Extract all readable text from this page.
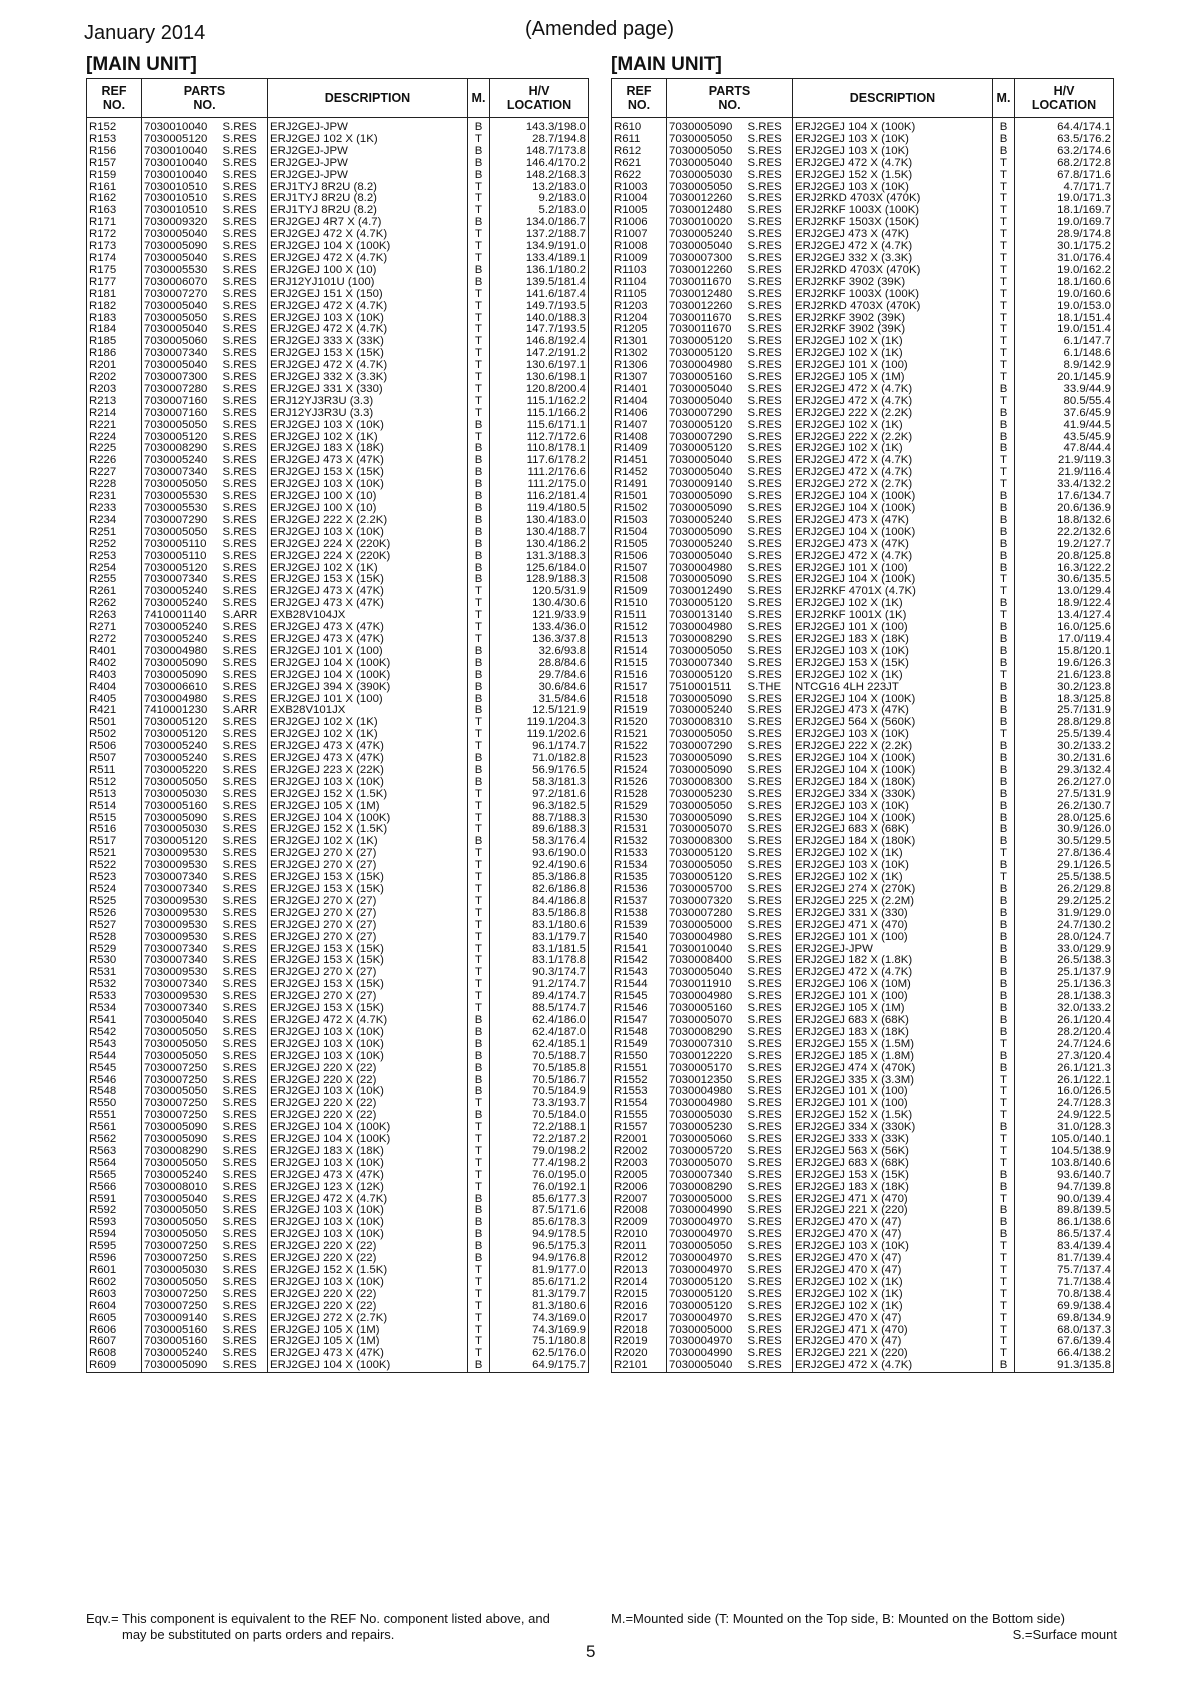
January 2014	(Amended page)
[MAIN UNIT]	[MAIN UNIT]
REF
NO.	PARTS
NO.		DESCRIPTION	M.	H/V
LOCATION
R152	7030010040	S.RES	ERJ2GEJ-JPW	B	143.3/198.0
R153	7030005120	S.RES	ERJ2GEJ 102 X (1K)	T	28.7/194.8
R156	7030010040	S.RES	ERJ2GEJ-JPW	B	148.7/173.8
R157	7030010040	S.RES	ERJ2GEJ-JPW	B	146.4/170.2
R159	7030010040	S.RES	ERJ2GEJ-JPW	B	148.2/168.3
R161	7030010510	S.RES	ERJ1TYJ 8R2U (8.2)	T	13.2/183.0
R162	7030010510	S.RES	ERJ1TYJ 8R2U (8.2)	T	9.2/183.0
R163	7030010510	S.RES	ERJ1TYJ 8R2U (8.2)	T	5.2/183.0
R171	7030009320	S.RES	ERJ2GEJ 4R7 X (4.7)	B	134.0/186.7
R172	7030005040	S.RES	ERJ2GEJ 472 X (4.7K)	T	137.2/188.7
R173	7030005090	S.RES	ERJ2GEJ 104 X (100K)	T	134.9/191.0
R174	7030005040	S.RES	ERJ2GEJ 472 X (4.7K)	T	133.4/189.1
R175	7030005530	S.RES	ERJ2GEJ 100 X (10)	B	136.1/180.2
R177	7030006070	S.RES	ERJ12YJ101U (100)	B	139.5/181.4
R181	7030007270	S.RES	ERJ2GEJ 151 X (150)	T	141.6/187.4
R182	7030005040	S.RES	ERJ2GEJ 472 X (4.7K)	T	149.7/193.5
R183	7030005050	S.RES	ERJ2GEJ 103 X (10K)	T	140.0/188.3
R184	7030005040	S.RES	ERJ2GEJ 472 X (4.7K)	T	147.7/193.5
R185	7030005060	S.RES	ERJ2GEJ 333 X (33K)	T	146.8/192.4
R186	7030007340	S.RES	ERJ2GEJ 153 X (15K)	T	147.2/191.2
R201	7030005040	S.RES	ERJ2GEJ 472 X (4.7K)	T	130.6/197.1
R202	7030007300	S.RES	ERJ2GEJ 332 X (3.3K)	T	130.6/198.1
R203	7030007280	S.RES	ERJ2GEJ 331 X (330)	T	120.8/200.4
R213	7030007160	S.RES	ERJ12YJ3R3U (3.3)	T	115.1/162.2
R214	7030007160	S.RES	ERJ12YJ3R3U (3.3)	T	115.1/166.2
R221	7030005050	S.RES	ERJ2GEJ 103 X (10K)	B	115.6/171.1
R224	7030005120	S.RES	ERJ2GEJ 102 X (1K)	T	112.7/172.6
R225	7030008290	S.RES	ERJ2GEJ 183 X (18K)	B	110.8/178.1
R226	7030005240	S.RES	ERJ2GEJ 473 X (47K)	B	117.6/178.2
R227	7030007340	S.RES	ERJ2GEJ 153 X (15K)	B	111.2/176.6
R228	7030005050	S.RES	ERJ2GEJ 103 X (10K)	B	111.2/175.0
R231	7030005530	S.RES	ERJ2GEJ 100 X (10)	B	116.2/181.4
R233	7030005530	S.RES	ERJ2GEJ 100 X (10)	B	119.4/180.5
R234	7030007290	S.RES	ERJ2GEJ 222 X (2.2K)	B	130.4/183.0
R251	7030005050	S.RES	ERJ2GEJ 103 X (10K)	B	130.4/188.7
R252	7030005110	S.RES	ERJ2GEJ 224 X (220K)	B	130.4/186.2
R253	7030005110	S.RES	ERJ2GEJ 224 X (220K)	B	131.3/188.3
R254	7030005120	S.RES	ERJ2GEJ 102 X (1K)	B	125.6/184.0
R255	7030007340	S.RES	ERJ2GEJ 153 X (15K)	B	128.9/188.3
R261	7030005240	S.RES	ERJ2GEJ 473 X (47K)	T	120.5/31.9
R262	7030005240	S.RES	ERJ2GEJ 473 X (47K)	T	130.4/30.6
R263	7410001140	S.ARR	EXB28V104JX	T	121.9/33.9
R271	7030005240	S.RES	ERJ2GEJ 473 X (47K)	T	133.4/36.0
R272	7030005240	S.RES	ERJ2GEJ 473 X (47K)	T	136.3/37.8
R401	7030004980	S.RES	ERJ2GEJ 101 X (100)	B	32.6/93.8
R402	7030005090	S.RES	ERJ2GEJ 104 X (100K)	B	28.8/84.6
R403	7030005090	S.RES	ERJ2GEJ 104 X (100K)	B	29.7/84.6
R404	7030006610	S.RES	ERJ2GEJ 394 X (390K)	B	30.6/84.6
R405	7030004980	S.RES	ERJ2GEJ 101 X (100)	B	31.5/84.6
R421	7410001230	S.ARR	EXB28V101JX	B	12.5/121.9
R501	7030005120	S.RES	ERJ2GEJ 102 X (1K)	T	119.1/204.3
R502	7030005120	S.RES	ERJ2GEJ 102 X (1K)	T	119.1/202.6
R506	7030005240	S.RES	ERJ2GEJ 473 X (47K)	T	96.1/174.7
R507	7030005240	S.RES	ERJ2GEJ 473 X (47K)	B	71.0/182.8
R511	7030005220	S.RES	ERJ2GEJ 223 X (22K)	B	56.9/176.5
R512	7030005050	S.RES	ERJ2GEJ 103 X (10K)	B	58.3/181.3
R513	7030005030	S.RES	ERJ2GEJ 152 X (1.5K)	T	97.2/181.6
R514	7030005160	S.RES	ERJ2GEJ 105 X (1M)	T	96.3/182.5
R515	7030005090	S.RES	ERJ2GEJ 104 X (100K)	T	88.7/188.3
R516	7030005030	S.RES	ERJ2GEJ 152 X (1.5K)	T	89.6/188.3
R517	7030005120	S.RES	ERJ2GEJ 102 X (1K)	B	58.3/176.4
R521	7030009530	S.RES	ERJ2GEJ 270 X (27)	T	93.6/190.0
R522	7030009530	S.RES	ERJ2GEJ 270 X (27)	T	92.4/190.6
R523	7030007340	S.RES	ERJ2GEJ 153 X (15K)	T	85.3/186.8
R524	7030007340	S.RES	ERJ2GEJ 153 X (15K)	T	82.6/186.8
R525	7030009530	S.RES	ERJ2GEJ 270 X (27)	T	84.4/186.8
R526	7030009530	S.RES	ERJ2GEJ 270 X (27)	T	83.5/186.8
R527	7030009530	S.RES	ERJ2GEJ 270 X (27)	T	83.1/180.6
R528	7030009530	S.RES	ERJ2GEJ 270 X (27)	T	83.1/179.7
R529	7030007340	S.RES	ERJ2GEJ 153 X (15K)	T	83.1/181.5
R530	7030007340	S.RES	ERJ2GEJ 153 X (15K)	T	83.1/178.8
R531	7030009530	S.RES	ERJ2GEJ 270 X (27)	T	90.3/174.7
R532	7030007340	S.RES	ERJ2GEJ 153 X (15K)	T	91.2/174.7
R533	7030009530	S.RES	ERJ2GEJ 270 X (27)	T	89.4/174.7
R534	7030007340	S.RES	ERJ2GEJ 153 X (15K)	T	88.5/174.7
R541	7030005040	S.RES	ERJ2GEJ 472 X (4.7K)	B	62.4/186.0
R542	7030005050	S.RES	ERJ2GEJ 103 X (10K)	B	62.4/187.0
R543	7030005050	S.RES	ERJ2GEJ 103 X (10K)	B	62.4/185.1
R544	7030005050	S.RES	ERJ2GEJ 103 X (10K)	B	70.5/188.7
R545	7030007250	S.RES	ERJ2GEJ 220 X (22)	B	70.5/185.8
R546	7030007250	S.RES	ERJ2GEJ 220 X (22)	B	70.5/186.7
R548	7030005050	S.RES	ERJ2GEJ 103 X (10K)	B	70.5/184.9
R550	7030007250	S.RES	ERJ2GEJ 220 X (22)	T	73.3/193.7
R551	7030007250	S.RES	ERJ2GEJ 220 X (22)	B	70.5/184.0
R561	7030005090	S.RES	ERJ2GEJ 104 X (100K)	T	72.2/188.1
R562	7030005090	S.RES	ERJ2GEJ 104 X (100K)	T	72.2/187.2
R563	7030008290	S.RES	ERJ2GEJ 183 X (18K)	T	79.0/198.2
R564	7030005050	S.RES	ERJ2GEJ 103 X (10K)	T	77.4/198.2
R565	7030005240	S.RES	ERJ2GEJ 473 X (47K)	T	76.0/195.0
R566	7030008010	S.RES	ERJ2GEJ 123 X (12K)	T	76.0/192.1
R591	7030005040	S.RES	ERJ2GEJ 472 X (4.7K)	B	85.6/177.3
R592	7030005050	S.RES	ERJ2GEJ 103 X (10K)	B	87.5/171.6
R593	7030005050	S.RES	ERJ2GEJ 103 X (10K)	B	85.6/178.3
R594	7030005050	S.RES	ERJ2GEJ 103 X (10K)	B	94.9/178.5
R595	7030007250	S.RES	ERJ2GEJ 220 X (22)	B	96.5/175.3
R596	7030007250	S.RES	ERJ2GEJ 220 X (22)	B	94.9/176.8
R601	7030005030	S.RES	ERJ2GEJ 152 X (1.5K)	T	81.9/177.0
R602	7030005050	S.RES	ERJ2GEJ 103 X (10K)	T	85.6/171.2
R603	7030007250	S.RES	ERJ2GEJ 220 X (22)	T	81.3/179.7
R604	7030007250	S.RES	ERJ2GEJ 220 X (22)	T	81.3/180.6
R605	7030009140	S.RES	ERJ2GEJ 272 X (2.7K)	T	74.3/169.0
R606	7030005160	S.RES	ERJ2GEJ 105 X (1M)	T	74.3/169.9
R607	7030005160	S.RES	ERJ2GEJ 105 X (1M)	T	75.1/180.8
R608	7030005240	S.RES	ERJ2GEJ 473 X (47K)	T	62.5/176.0
R609	7030005090	S.RES	ERJ2GEJ 104 X (100K)	B	64.9/175.7
REF
NO.	PARTS
NO.		DESCRIPTION	M.	H/V
LOCATION
R610	7030005090	S.RES	ERJ2GEJ 104 X (100K)	B	64.4/174.1
R611	7030005050	S.RES	ERJ2GEJ 103 X (10K)	B	63.5/176.2
R612	7030005050	S.RES	ERJ2GEJ 103 X (10K)	B	63.2/174.6
R621	7030005040	S.RES	ERJ2GEJ 472 X (4.7K)	T	68.2/172.8
R622	7030005030	S.RES	ERJ2GEJ 152 X (1.5K)	T	67.8/171.6
R1003	7030005050	S.RES	ERJ2GEJ 103 X (10K)	T	4.7/171.7
R1004	7030012260	S.RES	ERJ2RKD 4703X (470K)	T	19.0/171.3
R1005	7030012480	S.RES	ERJ2RKF 1003X (100K)	T	18.1/169.7
R1006	7030010020	S.RES	ERJ2RKF 1503X (150K)	T	19.0/169.7
R1007	7030005240	S.RES	ERJ2GEJ 473 X (47K)	T	28.9/174.8
R1008	7030005040	S.RES	ERJ2GEJ 472 X (4.7K)	T	30.1/175.2
R1009	7030007300	S.RES	ERJ2GEJ 332 X (3.3K)	T	31.0/176.4
R1103	7030012260	S.RES	ERJ2RKD 4703X (470K)	T	19.0/162.2
R1104	7030011670	S.RES	ERJ2RKF 3902 (39K)	T	18.1/160.6
R1105	7030012480	S.RES	ERJ2RKF 1003X (100K)	T	19.0/160.6
R1203	7030012260	S.RES	ERJ2RKD 4703X (470K)	T	19.0/153.0
R1204	7030011670	S.RES	ERJ2RKF 3902 (39K)	T	18.1/151.4
R1205	7030011670	S.RES	ERJ2RKF 3902 (39K)	T	19.0/151.4
R1301	7030005120	S.RES	ERJ2GEJ 102 X (1K)	T	6.1/147.7
R1302	7030005120	S.RES	ERJ2GEJ 102 X (1K)	T	6.1/148.6
R1306	7030004980	S.RES	ERJ2GEJ 101 X (100)	T	8.9/142.9
R1307	7030005160	S.RES	ERJ2GEJ 105 X (1M)	T	20.1/145.9
R1401	7030005040	S.RES	ERJ2GEJ 472 X (4.7K)	B	33.9/44.9
R1404	7030005040	S.RES	ERJ2GEJ 472 X (4.7K)	T	80.5/55.4
R1406	7030007290	S.RES	ERJ2GEJ 222 X (2.2K)	B	37.6/45.9
R1407	7030005120	S.RES	ERJ2GEJ 102 X (1K)	B	41.9/44.5
R1408	7030007290	S.RES	ERJ2GEJ 222 X (2.2K)	B	43.5/45.9
R1409	7030005120	S.RES	ERJ2GEJ 102 X (1K)	B	47.8/44.4
R1451	7030005040	S.RES	ERJ2GEJ 472 X (4.7K)	T	21.9/119.3
R1452	7030005040	S.RES	ERJ2GEJ 472 X (4.7K)	T	21.9/116.4
R1491	7030009140	S.RES	ERJ2GEJ 272 X (2.7K)	T	33.4/132.2
R1501	7030005090	S.RES	ERJ2GEJ 104 X (100K)	B	17.6/134.7
R1502	7030005090	S.RES	ERJ2GEJ 104 X (100K)	B	20.6/136.9
R1503	7030005240	S.RES	ERJ2GEJ 473 X (47K)	B	18.8/132.6
R1504	7030005090	S.RES	ERJ2GEJ 104 X (100K)	B	22.2/132.6
R1505	7030005240	S.RES	ERJ2GEJ 473 X (47K)	B	19.2/127.7
R1506	7030005040	S.RES	ERJ2GEJ 472 X (4.7K)	B	20.8/125.8
R1507	7030004980	S.RES	ERJ2GEJ 101 X (100)	B	16.3/122.2
R1508	7030005090	S.RES	ERJ2GEJ 104 X (100K)	T	30.6/135.5
R1509	7030012490	S.RES	ERJ2RKF 4701X (4.7K)	T	13.0/129.4
R1510	7030005120	S.RES	ERJ2GEJ 102 X (1K)	B	18.9/122.4
R1511	7030013140	S.RES	ERJ2RKF 1001X (1K)	T	13.4/127.4
R1512	7030004980	S.RES	ERJ2GEJ 101 X (100)	B	16.0/125.6
R1513	7030008290	S.RES	ERJ2GEJ 183 X (18K)	B	17.0/119.4
R1514	7030005050	S.RES	ERJ2GEJ 103 X (10K)	B	15.8/120.1
R1515	7030007340	S.RES	ERJ2GEJ 153 X (15K)	B	19.6/126.3
R1516	7030005120	S.RES	ERJ2GEJ 102 X (1K)	T	21.6/123.8
R1517	7510001511	S.THE	NTCG16 4LH 223JT	B	30.2/123.8
R1518	7030005090	S.RES	ERJ2GEJ 104 X (100K)	B	18.3/125.8
R1519	7030005240	S.RES	ERJ2GEJ 473 X (47K)	B	25.7/131.9
R1520	7030008310	S.RES	ERJ2GEJ 564 X (560K)	B	28.8/129.8
R1521	7030005050	S.RES	ERJ2GEJ 103 X (10K)	T	25.5/139.4
R1522	7030007290	S.RES	ERJ2GEJ 222 X (2.2K)	B	30.2/133.2
R1523	7030005090	S.RES	ERJ2GEJ 104 X (100K)	B	30.2/131.6
R1524	7030005090	S.RES	ERJ2GEJ 104 X (100K)	B	29.3/132.4
R1526	7030008300	S.RES	ERJ2GEJ 184 X (180K)	B	26.2/127.0
R1528	7030005230	S.RES	ERJ2GEJ 334 X (330K)	B	27.5/131.9
R1529	7030005050	S.RES	ERJ2GEJ 103 X (10K)	B	26.2/130.7
R1530	7030005090	S.RES	ERJ2GEJ 104 X (100K)	B	28.0/125.6
R1531	7030005070	S.RES	ERJ2GEJ 683 X (68K)	B	30.9/126.0
R1532	7030008300	S.RES	ERJ2GEJ 184 X (180K)	B	30.5/129.5
R1533	7030005120	S.RES	ERJ2GEJ 102 X (1K)	T	27.8/136.4
R1534	7030005050	S.RES	ERJ2GEJ 103 X (10K)	B	29.1/126.5
R1535	7030005120	S.RES	ERJ2GEJ 102 X (1K)	T	25.5/138.5
R1536	7030005700	S.RES	ERJ2GEJ 274 X (270K)	B	26.2/129.8
R1537	7030007320	S.RES	ERJ2GEJ 225 X (2.2M)	B	29.2/125.2
R1538	7030007280	S.RES	ERJ2GEJ 331 X (330)	B	31.9/129.0
R1539	7030005000	S.RES	ERJ2GEJ 471 X (470)	B	24.7/130.2
R1540	7030004980	S.RES	ERJ2GEJ 101 X (100)	B	28.0/124.7
R1541	7030010040	S.RES	ERJ2GEJ-JPW	B	33.0/129.9
R1542	7030008400	S.RES	ERJ2GEJ 182 X (1.8K)	B	26.5/138.3
R1543	7030005040	S.RES	ERJ2GEJ 472 X (4.7K)	B	25.1/137.9
R1544	7030011910	S.RES	ERJ2GEJ 106 X (10M)	B	25.1/136.3
R1545	7030004980	S.RES	ERJ2GEJ 101 X (100)	B	28.1/138.3
R1546	7030005160	S.RES	ERJ2GEJ 105 X (1M)	B	32.0/133.2
R1547	7030005070	S.RES	ERJ2GEJ 683 X (68K)	B	26.1/120.4
R1548	7030008290	S.RES	ERJ2GEJ 183 X (18K)	B	28.2/120.4
R1549	7030007310	S.RES	ERJ2GEJ 155 X (1.5M)	T	24.7/124.6
R1550	7030012220	S.RES	ERJ2GEJ 185 X (1.8M)	B	27.3/120.4
R1551	7030005170	S.RES	ERJ2GEJ 474 X (470K)	B	26.1/121.3
R1552	7030012350	S.RES	ERJ2GEJ 335 X (3.3M)	T	26.1/122.1
R1553	7030004980	S.RES	ERJ2GEJ 101 X (100)	T	16.0/126.5
R1554	7030004980	S.RES	ERJ2GEJ 101 X (100)	T	24.7/128.3
R1555	7030005030	S.RES	ERJ2GEJ 152 X (1.5K)	T	24.9/122.5
R1557	7030005230	S.RES	ERJ2GEJ 334 X (330K)	B	31.0/128.3
R2001	7030005060	S.RES	ERJ2GEJ 333 X (33K)	T	105.0/140.1
R2002	7030005720	S.RES	ERJ2GEJ 563 X (56K)	T	104.5/138.9
R2003	7030005070	S.RES	ERJ2GEJ 683 X (68K)	T	103.8/140.6
R2005	7030007340	S.RES	ERJ2GEJ 153 X (15K)	B	93.6/140.7
R2006	7030008290	S.RES	ERJ2GEJ 183 X (18K)	B	94.7/139.8
R2007	7030005000	S.RES	ERJ2GEJ 471 X (470)	T	90.0/139.4
R2008	7030004990	S.RES	ERJ2GEJ 221 X (220)	B	89.8/139.5
R2009	7030004970	S.RES	ERJ2GEJ 470 X (47)	B	86.1/138.6
R2010	7030004970	S.RES	ERJ2GEJ 470 X (47)	B	86.5/137.4
R2011	7030005050	S.RES	ERJ2GEJ 103 X (10K)	T	83.4/139.4
R2012	7030004970	S.RES	ERJ2GEJ 470 X (47)	T	81.7/139.4
R2013	7030004970	S.RES	ERJ2GEJ 470 X (47)	T	75.7/137.4
R2014	7030005120	S.RES	ERJ2GEJ 102 X (1K)	T	71.7/138.4
R2015	7030005120	S.RES	ERJ2GEJ 102 X (1K)	T	70.8/138.4
R2016	7030005120	S.RES	ERJ2GEJ 102 X (1K)	T	69.9/138.4
R2017	7030004970	S.RES	ERJ2GEJ 470 X (47)	T	69.8/134.9
R2018	7030005000	S.RES	ERJ2GEJ 471 X (470)	T	68.0/137.3
R2019	7030004970	S.RES	ERJ2GEJ 470 X (47)	T	67.6/139.4
R2020	7030004990	S.RES	ERJ2GEJ 221 X (220)	T	66.4/138.2
R2101	7030005040	S.RES	ERJ2GEJ 472 X (4.7K)	B	91.3/135.8
Eqv.= This component is equivalent to the REF No. component listed above, and
may be substituted on parts orders and repairs.
M.=Mounted side (T: Mounted on the Top side, B: Mounted on the Bottom side)
S.=Surface mount
5
